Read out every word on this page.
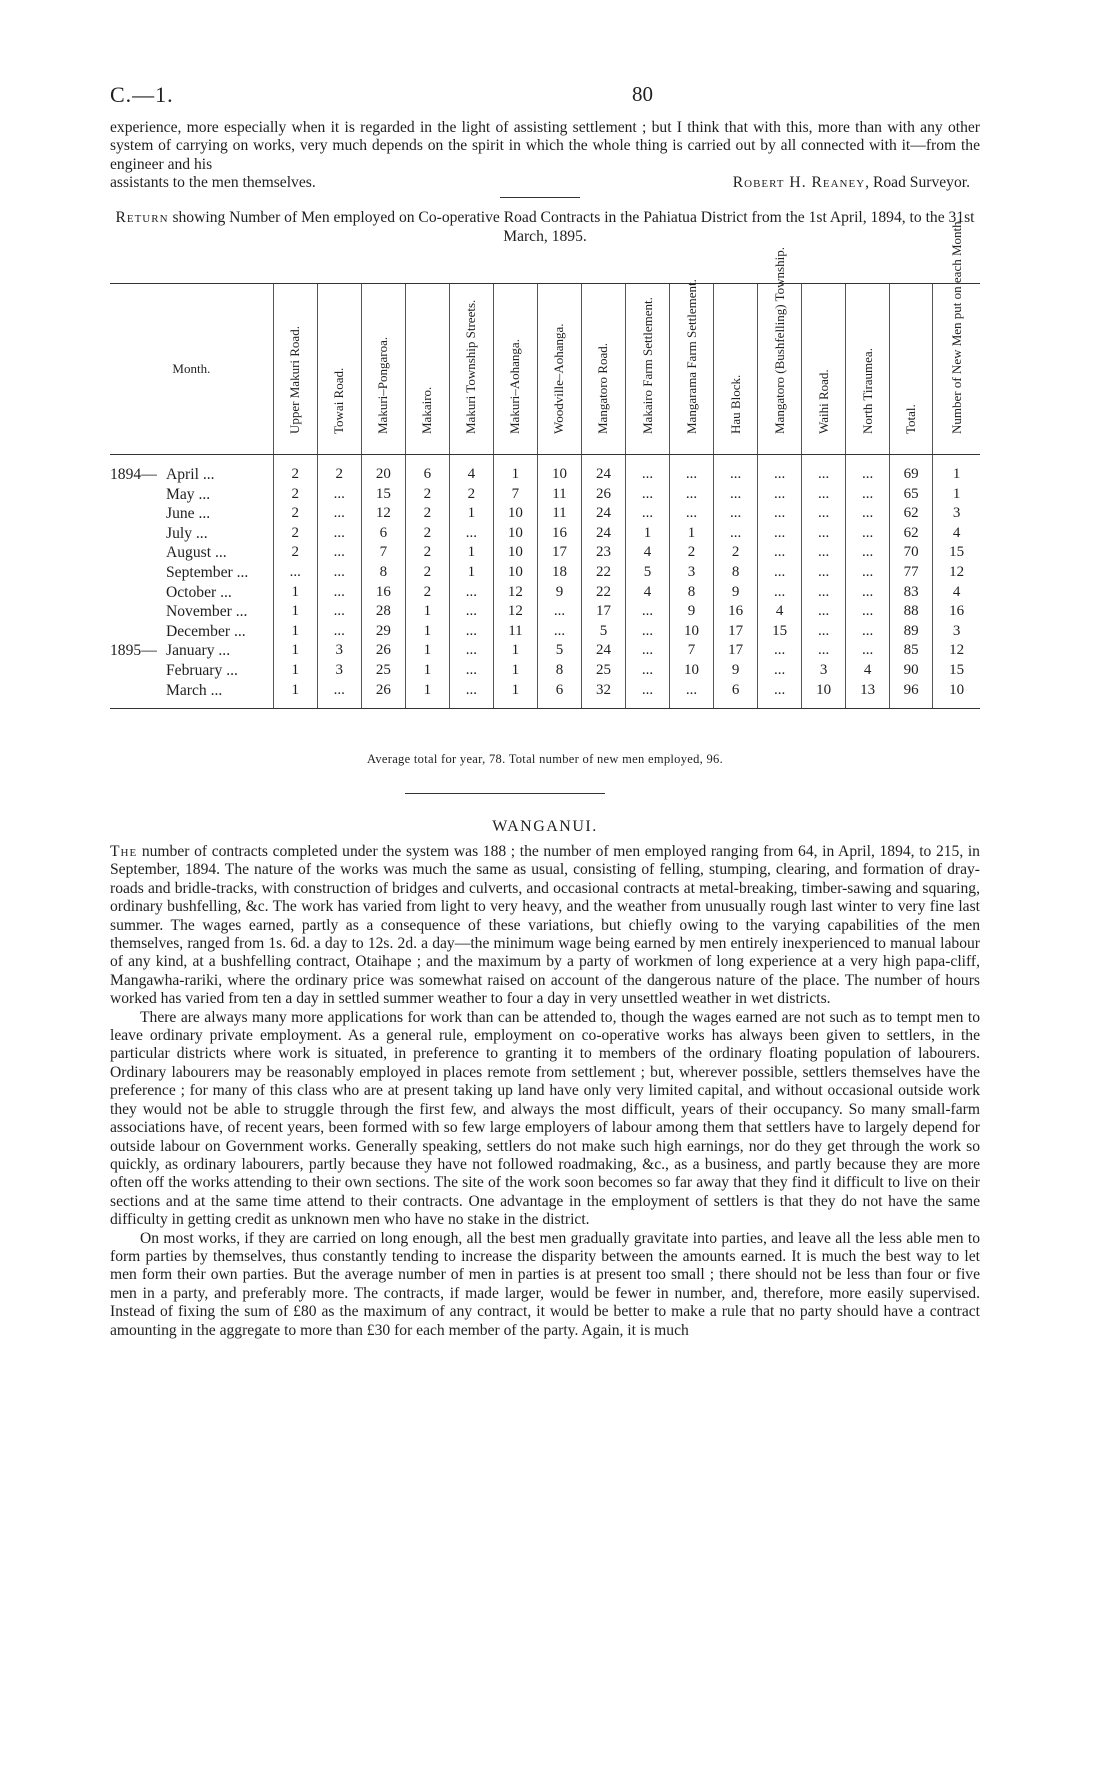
C.—1.	80

experience, more especially when it is regarded in the light of assisting settlement ; but I think that with this, more than with any other system of carrying on works, very much depends on the spirit in which the whole thing is carried out by all connected with it—from the engineer and his
assistants to the men themselves.	Robert H. Reaney, Road Surveyor.

Return showing Number of Men employed on Co-operative Road Contracts in the Pahiatua District from the 1st April, 1894, to the 31st March, 1895.
Month.	Upper Makuri Road.	Towai Road.	Makuri–Pongaroa.	Makairo.	Makuri Township Streets.	Makuri–Aohanga.	Woodville–Aohanga.	Mangatoro Road.	Makairo Farm Settlement.	Mangarama Farm Settlement.	Hau Block.	Mangatoro (Bushfelling) Township.	Waihi Road.	North Tiraumea.	Total.	Number of New Men put on each Month.

1894— April ...	2	2	20	6	4	1	10	24	...	...	...	...	...	...	69	1
May ...	2	...	15	2	2	7	11	26	...	...	...	...	...	...	65	1
June ...	2	...	12	2	1	10	11	24	...	...	...	...	...	...	62	3
July ...	2	...	6	2	...	10	16	24	1	1	...	...	...	...	62	4
August ...	2	...	7	2	1	10	17	23	4	2	2	...	...	...	70	15
September ...	...	...	8	2	1	10	18	22	5	3	8	...	...	...	77	12
October ...	1	...	16	2	...	12	9	22	4	8	9	...	...	...	83	4
November ...	1	...	28	1	...	12	...	17	...	9	16	4	...	...	88	16
December ...	1	...	29	1	...	11	...	5	...	10	17	15	...	...	89	3
1895— January ...	1	3	26	1	...	1	5	24	...	7	17	...	...	...	85	12
February ...	1	3	25	1	...	1	8	25	...	10	9	...	3	4	90	15
March ...	1	...	26	1	...	1	6	32	...	...	6	...	10	13	96	10
Average total for year, 78. Total number of new men employed, 96.
WANGANUI.

The number of contracts completed under the system was 188 ; the number of men employed ranging from 64, in April, 1894, to 215, in September, 1894. The nature of the works was much the same as usual, consisting of felling, stumping, clearing, and formation of dray-roads and bridle-tracks, with construction of bridges and culverts, and occasional contracts at metal-breaking, timber-sawing and squaring, ordinary bushfelling, &c. The work has varied from light to very heavy, and the weather from unusually rough last winter to very fine last summer. The wages earned, partly as a consequence of these variations, but chiefly owing to the varying capabilities of the men themselves, ranged from 1s. 6d. a day to 12s. 2d. a day—the minimum wage being earned by men entirely inexperienced to manual labour of any kind, at a bushfelling contract, Otaihape ; and the maximum by a party of workmen of long experience at a very high papa-cliff, Mangawha-rariki, where the ordinary price was somewhat raised on account of the dangerous nature of the place. The number of hours worked has varied from ten a day in settled summer weather to four a day in very unsettled weather in wet districts.

There are always many more applications for work than can be attended to, though the wages earned are not such as to tempt men to leave ordinary private employment. As a general rule, employment on co-operative works has always been given to settlers, in the particular districts where work is situated, in preference to granting it to members of the ordinary floating population of labourers. Ordinary labourers may be reasonably employed in places remote from settlement ; but, wherever possible, settlers themselves have the preference ; for many of this class who are at present taking up land have only very limited capital, and without occasional outside work they would not be able to struggle through the first few, and always the most difficult, years of their occupancy. So many small-farm associations have, of recent years, been formed with so few large employers of labour among them that settlers have to largely depend for outside labour on Government works. Generally speaking, settlers do not make such high earnings, nor do they get through the work so quickly, as ordinary labourers, partly because they have not followed roadmaking, &c., as a business, and partly because they are more often off the works attending to their own sections. The site of the work soon becomes so far away that they find it difficult to live on their sections and at the same time attend to their contracts. One advantage in the employment of settlers is that they do not have the same difficulty in getting credit as unknown men who have no stake in the district.

On most works, if they are carried on long enough, all the best men gradually gravitate into parties, and leave all the less able men to form parties by themselves, thus constantly tending to increase the disparity between the amounts earned. It is much the best way to let men form their own parties. But the average number of men in parties is at present too small ; there should not be less than four or five men in a party, and preferably more. The contracts, if made larger, would be fewer in number, and, therefore, more easily supervised. Instead of fixing the sum of £80 as the maximum of any contract, it would be better to make a rule that no party should have a contract amounting in the aggregate to more than £30 for each member of the party. Again, it is much
